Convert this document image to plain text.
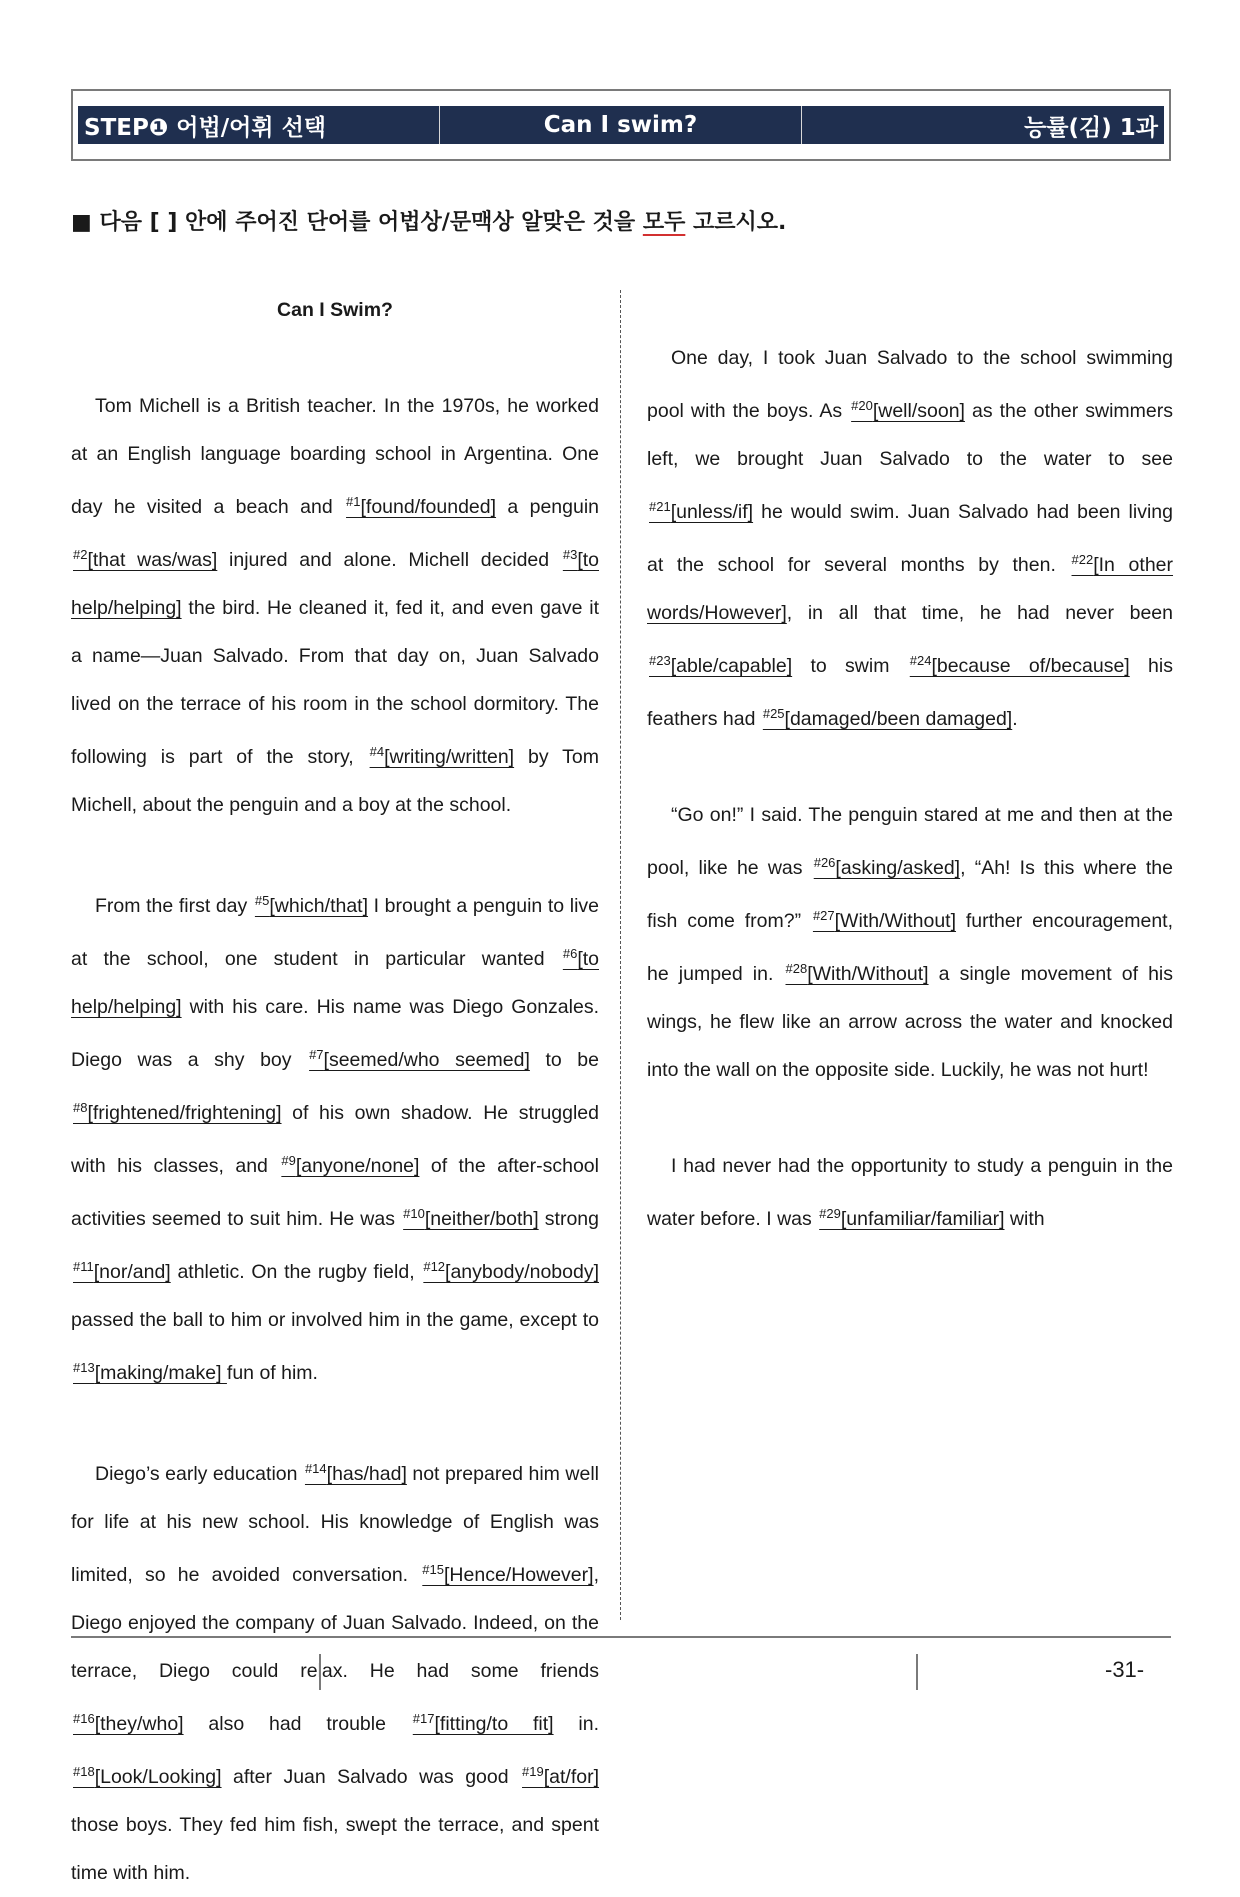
STEP❶ 어법/어휘 선택	Can I swim?	능률(김) 1과
■ 다음 [ ] 안에 주어진 단어를 어법상/문맥상 알맞은 것을 모두 고르시오.
Can I Swim?

Tom Michell is a British teacher. In the 1970s, he worked at an English language boarding school in Argentina. One day he visited a beach and $^{\#1}$[found/founded] a penguin $^{\#2}$[that was/was] injured and alone. Michell decided $^{\#3}$[to help/helping] the bird. He cleaned it, fed it, and even gave it a name—Juan Salvado. From that day on, Juan Salvado lived on the terrace of his room in the school dormitory. The following is part of the story, $^{\#4}$[writing/written] by Tom Michell, about the penguin and a boy at the school.

From the first day $^{\#5}$[which/that] I brought a penguin to live at the school, one student in particular wanted $^{\#6}$[to help/helping] with his care. His name was Diego Gonzales. Diego was a shy boy $^{\#7}$[seemed/who seemed] to be $^{\#8}$[frightened/frightening] of his own shadow. He struggled with his classes, and $^{\#9}$[anyone/none] of the after-school activities seemed to suit him. He was $^{\#10}$[neither/both] strong $^{\#11}$[nor/and] athletic. On the rugby field, $^{\#12}$[anybody/nobody] passed the ball to him or involved him in the game, except to $^{\#13}$[making/make] fun of him.

Diego’s early education $^{\#14}$[has/had] not prepared him well for life at his new school. His knowledge of English was limited, so he avoided conversation. $^{\#15}$[Hence/However], Diego enjoyed the company of Juan Salvado. Indeed, on the terrace, Diego could relax. He had some friends $^{\#16}$[they/who] also had trouble $^{\#17}$[fitting/to fit] in. $^{\#18}$[Look/Looking] after Juan Salvado was good $^{\#19}$[at/for] those boys. They fed him fish, swept the terrace, and spent time with him.

One day, I took Juan Salvado to the school swimming pool with the boys. As $^{\#20}$[well/soon] as the other swimmers left, we brought Juan Salvado to the water to see $^{\#21}$[unless/if] he would swim. Juan Salvado had been living at the school for several months by then. $^{\#22}$[In other words/However], in all that time, he had never been $^{\#23}$[able/capable] to swim $^{\#24}$[because of/because] his feathers had $^{\#25}$[damaged/been damaged].

“Go on!” I said. The penguin stared at me and then at the pool, like he was $^{\#26}$[asking/asked], “Ah! Is this where the fish come from?” $^{\#27}$[With/Without] further encouragement, he jumped in. $^{\#28}$[With/Without] a single movement of his wings, he flew like an arrow across the water and knocked into the wall on the opposite side. Luckily, he was not hurt!

I had never had the opportunity to study a penguin in the water before. I was $^{\#29}$[unfamiliar/familiar] with

-31-
